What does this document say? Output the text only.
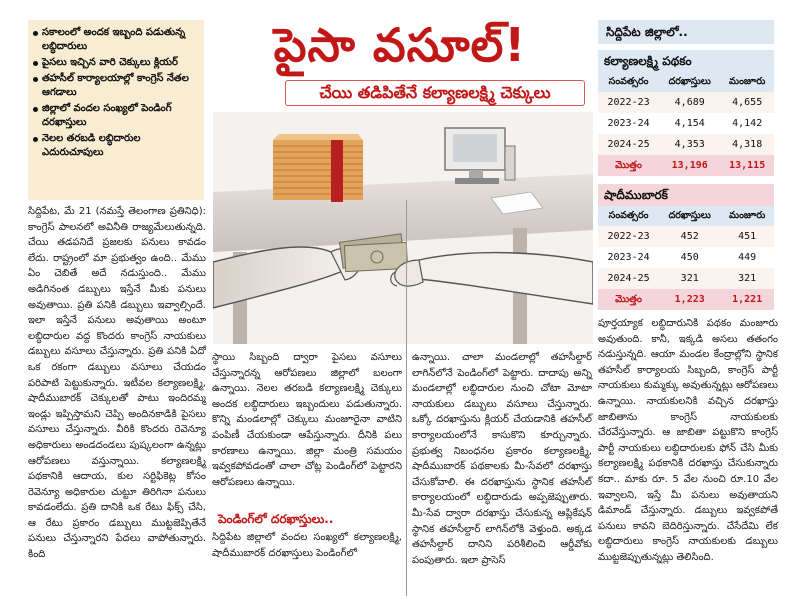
సకాలంలో అందక ఇబ్బంది పడుతున్న లబ్ధిదారులు
పైసలు ఇచ్చిన వారి చెక్కులు క్లియర్
తహసీల్ కార్యాలయాల్లో కాంగ్రెస్ నేతల ఆగడాలు
జిల్లాలో వందల సంఖ్యలో పెండింగ్ దరఖాస్తులు
నెలల తరబడి లబ్ధిదారుల ఎదురుచూపులు
పైసా వసూల్!
చేయి తడిపితేనే కల్యాణలక్ష్మి చెక్కులు

సిద్దిపేట, మే 21 (నమస్తే తెలంగాణ ప్రతినిధి): కాంగ్రెస్ పాలనలో అవినీతి రాజ్యమేలుతున్నది. చేయి తడపనిదే ప్రజలకు పనులు కావడం లేదు. రాష్ట్రంలో మా ప్రభుత్వం ఉంది.. మేము ఏం చెబితే అదే నడుస్తుంది.. మేము అడిగినంత డబ్బులు ఇస్తేనే మీకు పనులు అవుతాయి. ప్రతి పనికి డబ్బులు ఇవ్వాల్సిందే. ఇలా ఇస్తేనే పనులు అవుతాయి అంటూ లబ్ధిదారుల వద్ద కొందరు కాంగ్రెస్ నాయకులు డబ్బులు వసూలు చేస్తున్నారు. ప్రతి పనికి ఏదో ఒక రకంగా డబ్బులు వసూలు చేయడం పరిపాటి పెట్టుకున్నారు. ఇటీవల కల్యాణలక్ష్మి, షాదీముబారక్ చెక్కులతో పాటు ఇందిరమ్మ ఇండ్లు ఇప్పిస్తామని చెప్పి అందినకాడికి పైసలు వసూలు చేస్తున్నారు. వీరికి కొందరు రెవెన్యూ అధికారులు అండదండలు పుష్కలంగా ఉన్నట్లు ఆరోపణలు వస్తున్నాయి. కల్యాణలక్ష్మి పథకానికి ఆదాయ, కుల సర్టిఫికెట్ల కోసం రెవెన్యూ అధికారుల చుట్టూ తిరిగినా పనులు కావడంలేదు. ప్రతి దానికి ఒక రేటు ఫిక్స్ చేసి, ఆ రేటు ప్రకారం డబ్బులు ముట్టజెప్పితేనే పనులు చేస్తున్నారని పేదలు వాపోతున్నారు. కింది

స్థాయి సిబ్బంది ద్వారా పైసలు వసూలు చేస్తున్నారన్న ఆరోపణలు జిల్లాలో బలంగా ఉన్నాయి. నెలల తరబడి కల్యాణలక్ష్మి చెక్కులు అందక లబ్ధిదారులు ఇబ్బందులు పడుతున్నారు. కొన్ని మండలాల్లో చెక్కులు మంజూరైనా వాటిని పంపిణీ చేయకుండా ఆపేస్తున్నారు. దీనికి పలు కారణాలు ఉన్నాయి. జిల్లా మంత్రి సమయం ఇవ్వకపోవడంతో చాలా చోట్ల పెండింగ్‌లో పెట్టారని ఆరోపణలు ఉన్నాయి.

పెండింగ్‌లో దరఖాస్తులు..

సిద్దిపేట జిల్లాలో వందల సంఖ్యలో కల్యాణలక్ష్మి, షాదీముబారక్ దరఖాస్తులు పెండింగ్‌లో

ఉన్నాయి. చాలా మండలాల్లో తహసీల్దార్ లాగిన్‌లోనే పెండింగ్‌లో పెట్టారు. దాదాపు అన్ని మండలాల్లో లబ్ధిదారుల నుంచి చోటా మోటా నాయకులు డబ్బులు వసూలు చేస్తున్నారు. ఒక్కో దరఖాస్తును క్లియర్ చేయడానికి తహసీల్ కార్యాలయంలోనే కాసుకొని కూర్చున్నారు. ప్రభుత్వ నిబంధనల ప్రకారం కల్యాణలక్ష్మి, షాదీముబారక్ పథకాలకు మీ-సేవలో దరఖాస్తు చేసుకోవాలి. ఈ దరఖాస్తును స్థానిక తహసీల్ కార్యాలయంలో లబ్ధిదారుడు అప్పజెప్పుతారు. మీ-సేవ ద్వారా దరఖాస్తు చేసుకున్న ఆప్లికేషన్ స్థానిక తహసీల్దార్ లాగిన్‌లోకి వెళ్తుంది. అక్కడ తహసీల్దార్ దానిని పరిశీలించి ఆర్డీవోకు పంపుతారు. ఇలా ప్రాసెస్

సిద్దిపేట జిల్లాలో..
కల్యాణలక్ష్మి పథకం
సంవత్సరం	దరఖాస్తులు	మంజూరు
2022-23	4,689	4,655
2023-24	4,154	4,142
2024-25	4,353	4,318
మొత్తం	13,196	13,115
షాదీముబారక్
సంవత్సరం	దరఖాస్తులు	మంజూరు
2022-23	452	451
2023-24	450	449
2024-25	321	321
మొత్తం	1,223	1,221

పూర్తయ్యాక లబ్ధిదారునికి పథకం మంజూరు అవుతుంది. కానీ, ఇక్కడి అసలు తతంగం నడుస్తున్నది. ఆయా మండల కేంద్రాల్లోని స్థానిక తహసీల్ కార్యాలయ సిబ్బంది, కాంగ్రెస్ పార్టీ నాయకులు కుమ్మక్కు అవుతున్నట్లు ఆరోపణలు ఉన్నాయి. నాయకులనికి వచ్చిన దరఖాస్తు జాబితాను కాంగ్రెస్ నాయకులకు చేరవేస్తున్నారు. ఆ జాబితా పట్టుకొని కాంగ్రెస్ పార్టీ నాయకులు లబ్ధిదారులకు ఫోన్ చేసి మీకు కల్యాణలక్ష్మి పథకానికి దరఖాస్తు చేసుకున్నారు కదా.. మాకు రూ. 5 వేల నుంచి రూ.10 వేల ఇవ్వాలని, ఇస్తే మీ పనులు అవుతాయని డిమాండ్ చేస్తున్నారు. డబ్బులు ఇవ్వకపోతే పనులు కావని బెదిరిస్తున్నారు. చేసేదేమి లేక లబ్ధిదారులు కాంగ్రెస్ నాయకులకు డబ్బులు ముట్టజెప్పుతున్నట్లు తెలిసింది.
